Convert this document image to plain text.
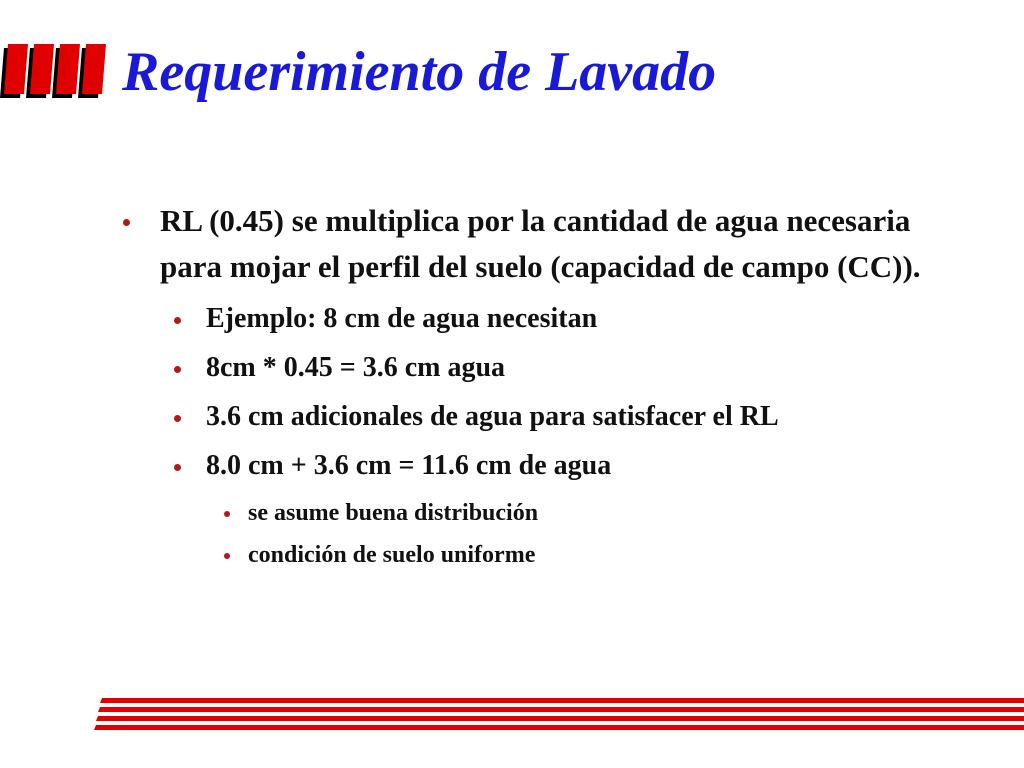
Requerimiento de Lavado
RL (0.45) se multiplica por la cantidad de agua necesaria para mojar el perfil del suelo (capacidad de campo (CC)).
Ejemplo: 8 cm de agua necesitan
8cm * 0.45 = 3.6 cm agua
3.6 cm adicionales de agua para satisfacer el RL
8.0 cm + 3.6 cm = 11.6 cm de agua
se asume buena distribución
condición de suelo uniforme
